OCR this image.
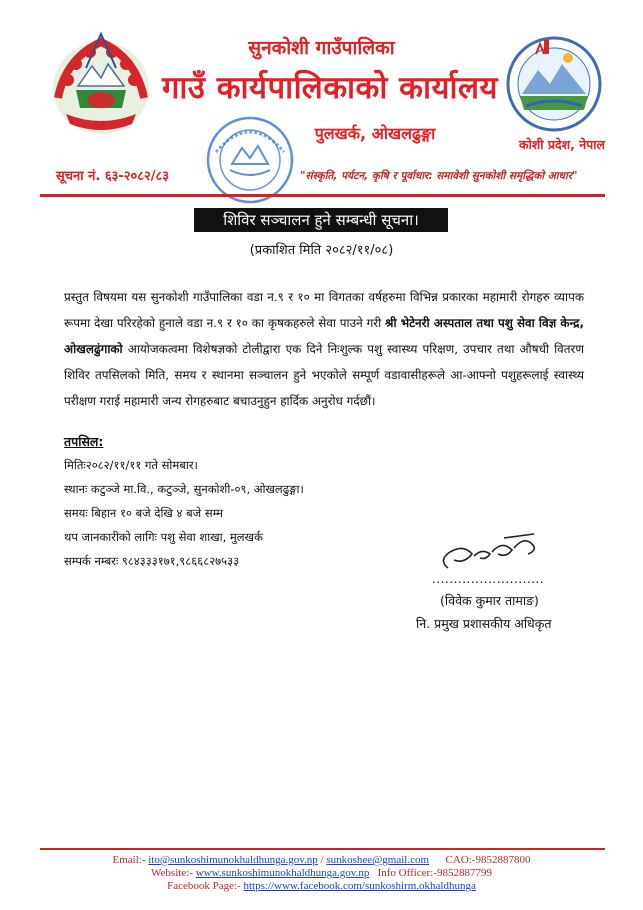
सुनकोशी गाउँपालिका
गाउँ कार्यपालिकाको कार्यालय
पुलखर्क, ओखलढुङ्गा
कोशी प्रदेश, नेपाल
सूचना नं. ६३-२०८२/८३	"संस्कृति, पर्यटन, कृषि र पूर्वाधार: समावेशी सुनकोशी समृद्धिको आधार"
शिविर सञ्चालन हुने सम्बन्धी सूचना।
(प्रकाशित मिति २०८२/११/०८)

प्रस्तुत विषयमा यस सुनकोशी गाउँपालिका वडा न.९ र १० मा विगतका वर्षहरुमा विभिन्न प्रकारका महामारी रोगहरु व्यापक रूपमा देखा परिरहेको हुनाले वडा न.९ र १० का कृषकहरुले सेवा पाउने गरी श्री भेटेनरी अस्पताल तथा पशु सेवा विज्ञ केन्द्र, ओखलढुंगाको आयोजकत्वमा विशेषज्ञको टोलीद्वारा एक दिने निःशुल्क पशु स्वास्थ्य परिक्षण, उपचार तथा औषधी वितरण शिविर तपसिलको मिति, समय र स्थानमा सञ्चालन हुने भएकोले सम्पूर्ण वडावासीहरूले आ-आफ्नो पशुहरूलाई स्वास्थ्य परीक्षण गराई महामारी जन्य रोगहरुबाट बचाउनुहुन हार्दिक अनुरोध गर्दछौं।

तपसिल:
मितिः२०८२/११/११ गते सोमबार।
स्थानः कटुञ्जे मा.वि., कटुञ्जे, सुनकोशी-०९, ओखलढुङ्गा।
समयः बिहान १० बजे देखि ४ बजे सम्म
थप जानकारीको लागिः पशु सेवा शाखा, मुलखर्क
सम्पर्क नम्बरः ९८४३३३१७१,९८६६८२७५३३
..........................
(विवेक कुमार तामाङ)
नि. प्रमुख प्रशासकीय अधिकृत
Email:- ito@sunkoshimunokhaldhunga.gov.np / sunkoshee@gmail.com      CAO:-9852887800
Website:- www.sunkoshimunokhaldhunga.gov.np   Info Officer:-9852887799
Facebook Page:- https://www.facebook.com/sunkoshirm.okhaldhunga
